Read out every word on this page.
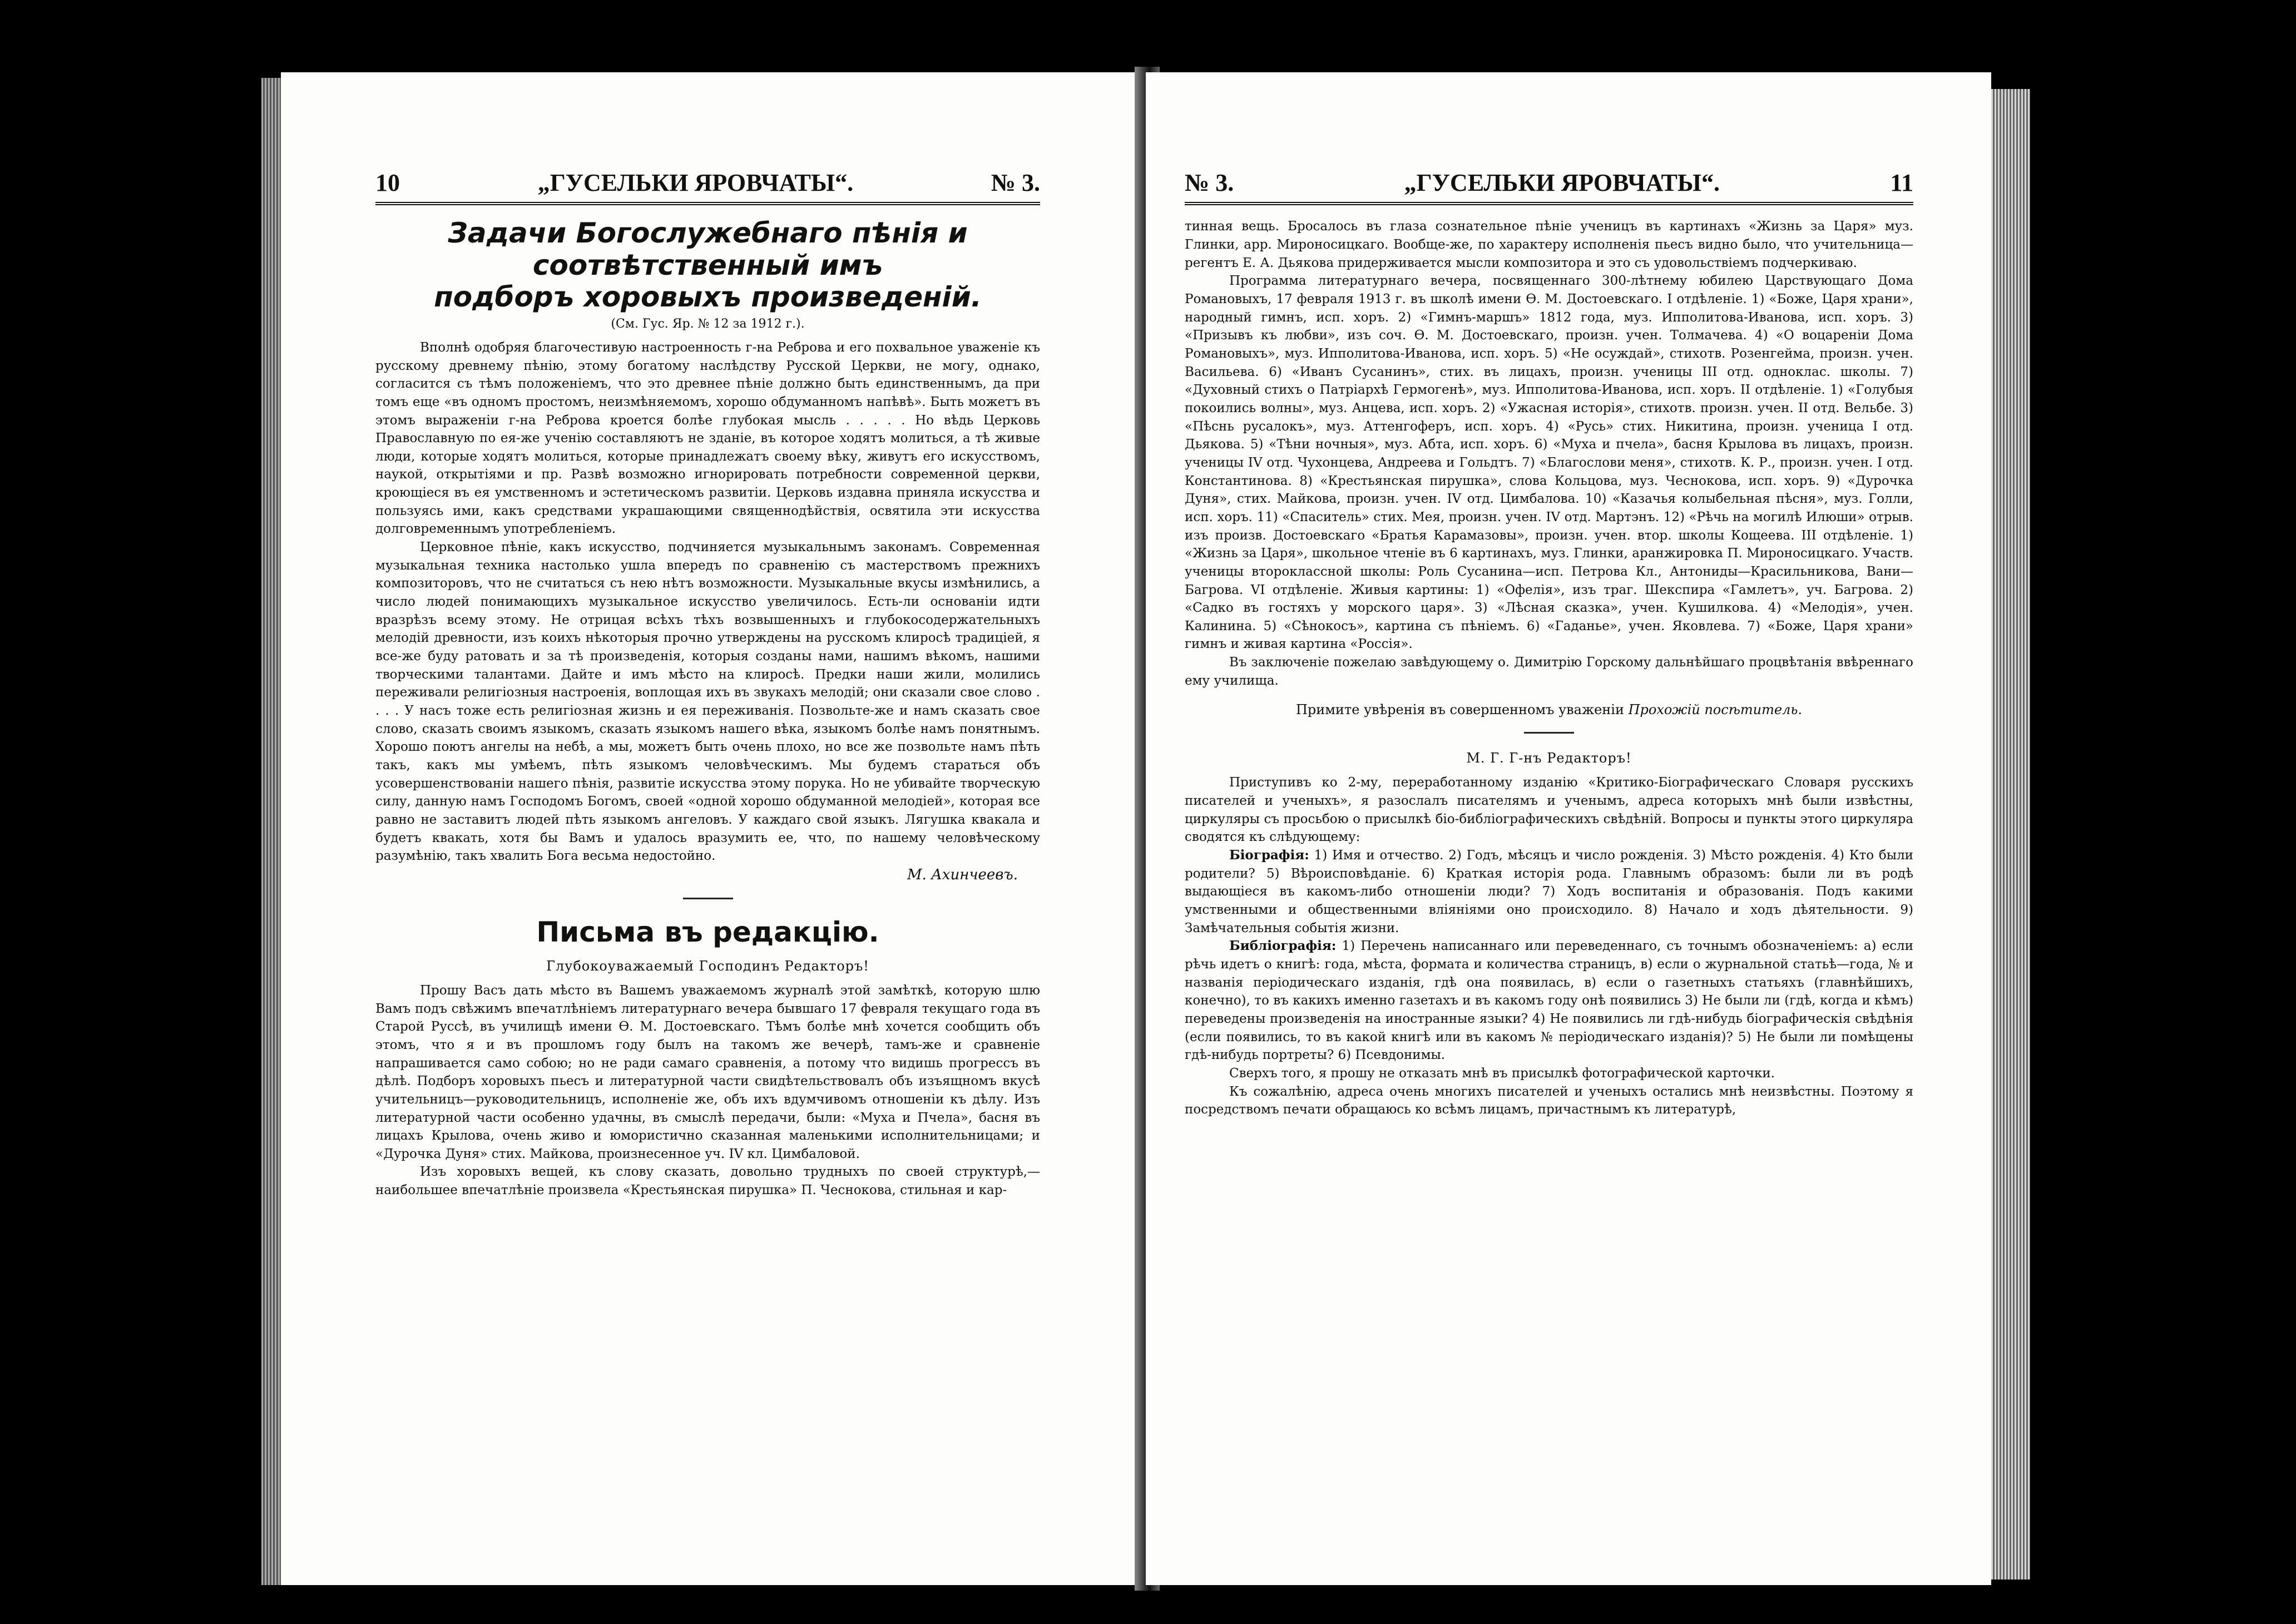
10	„ГУСЕЛЬКИ ЯРОВЧАТЫ“.	№ 3.
Задачи Богослужебнаго пѣнія и соотвѣтственный имъ
подборъ хоровыхъ произведеній.
(См. Гус. Яр. № 12 за 1912 г.).

Вполнѣ одобряя благочестивую настроенность г-на Реброва и его похвальное уваженіе къ русскому древнему пѣнію, этому богатому наслѣдству Русской Церкви, не могу, однако, согласится съ тѣмъ положеніемъ, что это древнее пѣніе должно быть единственнымъ, да при томъ еще «въ одномъ простомъ, неизмѣняемомъ, хорошо обдуманномъ напѣвѣ». Быть можетъ въ этомъ выраженіи г-на Реброва кроется болѣе глубокая мысль . . . . . Но вѣдь Церковь Православную по ея-же ученію составляютъ не зданіе, въ которое ходятъ молиться, а тѣ живые люди, которые ходятъ молиться, которые принадлежатъ своему вѣку, живутъ его искусствомъ, наукой, открытіями и пр. Развѣ возможно игнорировать потребности современной церкви, кроющіеся въ ея умственномъ и эстетическомъ развитіи. Церковь издавна приняла искусства и пользуясь ими, какъ средствами украшающими священнодѣйствія, освятила эти искусства долговременнымъ употребленіемъ.

Церковное пѣніе, какъ искусство, подчиняется музыкальнымъ законамъ. Современная музыкальная техника настолько ушла впередъ по сравненію съ мастерствомъ прежнихъ композиторовъ, что не считаться съ нею нѣтъ возможности. Музыкальные вкусы измѣнились, а число людей понимающихъ музыкальное искусство увеличилось. Есть-ли основаніи идти вразрѣзъ всему этому. Не отрицая всѣхъ тѣхъ возвышенныхъ и глубокосодержательныхъ мелодій древности, изъ коихъ нѣкоторыя прочно утверждены на русскомъ клиросѣ традиціей, я все-же буду ратовать и за тѣ произведенія, которыя созданы нами, нашимъ вѣкомъ, нашими творческими талантами. Дайте и имъ мѣсто на клиросѣ. Предки наши жили, молились переживали религіозныя настроенія, воплощая ихъ въ звукахъ мелодій; они сказали свое слово . . . . У насъ тоже есть религіозная жизнь и ея переживанія. Позвольте-же и намъ сказать свое слово, сказать своимъ языкомъ, сказать языкомъ нашего вѣка, языкомъ болѣе намъ понятнымъ. Хорошо поютъ ангелы на небѣ, а мы, можетъ быть очень плохо, но все же позвольте намъ пѣть такъ, какъ мы умѣемъ, пѣть языкомъ человѣческимъ. Мы будемъ стараться объ усовершенствованіи нашего пѣнія, развитіе искусства этому порука. Но не убивайте творческую силу, данную намъ Господомъ Богомъ, своей «одной хорошо обдуманной мелодіей», которая все равно не заставитъ людей пѣть языкомъ ангеловъ. У каждаго свой языкъ. Лягушка квакала и будетъ квакать, хотя бы Вамъ и удалось вразумить ее, что, по нашему человѣческому разумѣнію, такъ хвалить Бога весьма недостойно.

М. Ахинчеевъ.
Письма въ редакцію.
Глубокоуважаемый Господинъ Редакторъ!

Прошу Васъ дать мѣсто въ Вашемъ уважаемомъ журналѣ этой замѣткѣ, которую шлю Вамъ подъ свѣжимъ впечатлѣніемъ литературнаго вечера бывшаго 17 февраля текущаго года въ Старой Руссѣ, въ училищѣ имени Ѳ. М. Достоевскаго. Тѣмъ болѣе мнѣ хочется сообщить объ этомъ, что я и въ прошломъ году былъ на такомъ же вечерѣ, тамъ-же и сравненіе напрашивается само собою; но не ради самаго сравненія, а потому что видишь прогрессъ въ дѣлѣ. Подборъ хоровыхъ пьесъ и литературной части свидѣтельствовалъ объ изъящномъ вкусѣ учительницъ—руководительницъ, исполненіе же, объ ихъ вдумчивомъ отношеніи къ дѣлу. Изъ литературной части особенно удачны, въ смыслѣ передачи, были: «Муха и Пчела», басня въ лицахъ Крылова, очень живо и юмористично сказанная маленькими исполнительницами; и «Дурочка Дуня» стих. Майкова, произнесенное уч. IV кл. Цимбаловой.

Изъ хоровыхъ вещей, къ слову сказать, довольно трудныхъ по своей структурѣ,—наибольшее впечатлѣніе произвела «Крестьянская пирушка» П. Чеснокова, стильная и кар-

№ 3.	„ГУСЕЛЬКИ ЯРОВЧАТЫ“.	11

тинная вещь. Бросалось въ глаза сознательное пѣніе ученицъ въ картинахъ «Жизнь за Царя» муз. Глинки, арр. Мироносицкаго. Вообще-же, по характеру исполненія пьесъ видно было, что учительница—регентъ Е. А. Дьякова придерживается мысли композитора и это съ удовольствіемъ подчеркиваю.

Программа литературнаго вечера, посвященнаго 300-лѣтнему юбилею Царствующаго Дома Романовыхъ, 17 февраля 1913 г. въ школѣ имени Ѳ. М. Достоевскаго. I отдѣленіе. 1) «Боже, Царя храни», народный гимнъ, исп. хоръ. 2) «Гимнъ-маршъ» 1812 года, муз. Ипполитова-Иванова, исп. хоръ. 3) «Призывъ къ любви», изъ соч. Ѳ. М. Достоевскаго, произн. учен. Толмачева. 4) «О воцареніи Дома Романовыхъ», муз. Ипполитова-Иванова, исп. хоръ. 5) «Не осуждай», стихотв. Розенгейма, произн. учен. Васильева. 6) «Иванъ Сусанинъ», стих. въ лицахъ, произн. ученицы III отд. одноклас. школы. 7) «Духовный стихъ о Патріархѣ Гермогенѣ», муз. Ипполитова-Иванова, исп. хоръ. II отдѣленіе. 1) «Голубыя покоились волны», муз. Анцева, исп. хоръ. 2) «Ужасная исторія», стихотв. произн. учен. II отд. Вельбе. 3) «Пѣснь русалокъ», муз. Аттенгоферъ, исп. хоръ. 4) «Русь» стих. Никитина, произн. ученица I отд. Дьякова. 5) «Тѣни ночныя», муз. Абта, исп. хоръ. 6) «Муха и пчела», басня Крылова въ лицахъ, произн. ученицы IV отд. Чухонцева, Андреева и Гольдтъ. 7) «Благослови меня», стихотв. К. Р., произн. учен. I отд. Константинова. 8) «Крестьянская пирушка», слова Кольцова, муз. Чеснокова, исп. хоръ. 9) «Дурочка Дуня», стих. Майкова, произн. учен. IV отд. Цимбалова. 10) «Казачья колыбельная пѣсня», муз. Голли, исп. хоръ. 11) «Спаситель» стих. Мея, произн. учен. IV отд. Мартэнъ. 12) «Рѣчь на могилѣ Илюши» отрыв. изъ произв. Достоевскаго «Братья Карамазовы», произн. учен. втор. школы Кощеева. III отдѣленіе. 1) «Жизнь за Царя», школьное чтеніе въ 6 картинахъ, муз. Глинки, аранжировка П. Мироносицкаго. Участв. ученицы второклассной школы: Роль Сусанина—исп. Петрова Кл., Антониды—Красильникова, Вани—Багрова. VI отдѣленіе. Живыя картины: 1) «Офелія», изъ траг. Шекспира «Гамлетъ», уч. Багрова. 2) «Садко въ гостяхъ у морского царя». 3) «Лѣсная сказка», учен. Кушилкова. 4) «Мелодія», учен. Калинина. 5) «Сѣнокосъ», картина съ пѣніемъ. 6) «Гаданье», учен. Яковлева. 7) «Боже, Царя храни» гимнъ и живая картина «Россія».

Въ заключеніе пожелаю завѣдующему о. Димитрію Горскому дальнѣйшаго процвѣтанія ввѣреннаго ему училища.

Примите увѣренія въ совершенномъ уваженіи Прохожій посѣтитель.
М. Г. Г-нъ Редакторъ!

Приступивъ ко 2-му, переработанному изданію «Критико-Біографическаго Словаря русскихъ писателей и ученыхъ», я разослалъ писателямъ и ученымъ, адреса которыхъ мнѣ были извѣстны, циркуляры съ просьбою о присылкѣ біо-библіографическихъ свѣдѣній. Вопросы и пункты этого циркуляра сводятся къ слѣдующему:

Біографія: 1) Имя и отчество. 2) Годъ, мѣсяцъ и число рожденія. 3) Мѣсто рожденія. 4) Кто были родители? 5) Вѣроисповѣданіе. 6) Краткая исторія рода. Главнымъ образомъ: были ли въ родѣ выдающіеся въ какомъ-либо отношеніи люди? 7) Ходъ воспитанія и образованія. Подъ какими умственными и общественными вліяніями оно происходило. 8) Начало и ходъ дѣятельности. 9) Замѣчательныя событія жизни.

Библіографія: 1) Перечень написаннаго или переведеннаго, съ точнымъ обозначеніемъ: а) если рѣчь идетъ о книгѣ: года, мѣста, формата и количества страницъ, в) если о журнальной статьѣ—года, № и названія періодическаго изданія, гдѣ она появилась, в) если о газетныхъ статьяхъ (главнѣйшихъ, конечно), то въ какихъ именно газетахъ и въ какомъ году онѣ появились 3) Не были ли (гдѣ, когда и кѣмъ) переведены произведенія на иностранные языки? 4) Не появились ли гдѣ-нибудь біографическія свѣдѣнія (если появились, то въ какой книгѣ или въ какомъ № періодическаго изданія)? 5) Не были ли помѣщены гдѣ-нибудь портреты? 6) Псевдонимы.

Сверхъ того, я прошу не отказать мнѣ въ присылкѣ фотографической карточки.

Къ сожалѣнію, адреса очень многихъ писателей и ученыхъ остались мнѣ неизвѣстны. Поэтому я посредствомъ печати обращаюсь ко всѣмъ лицамъ, причастнымъ къ литературѣ,
